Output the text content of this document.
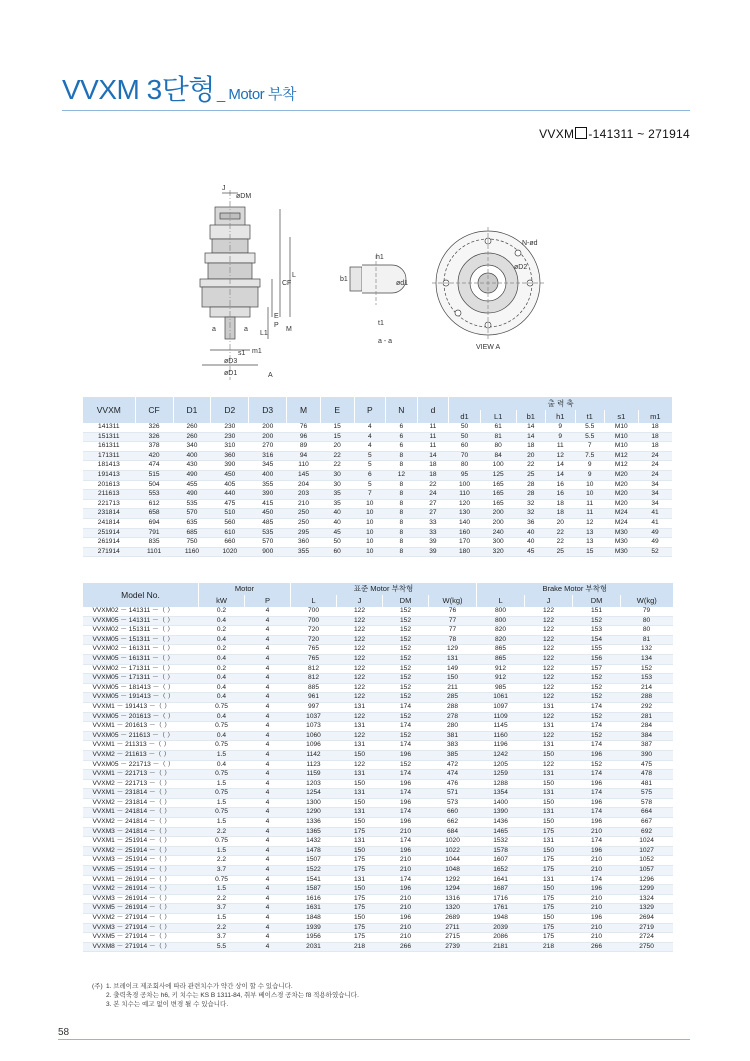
VVXM 3단형 _ Motor 부착
VVXM -141311 ~ 271914
J
øDM
CF
L
P
M
L1
E
a	a
s1 m1
øD3
øD1	A
h1
b1
ød1
t1
a - a
N-ød
øD2
VIEW A
VVXM	CF	D1	D2	D3	M	E	P	N	d	출 력 축						
										d1	L1	b1	h1	t1	s1	m1
141311	326	260	230	200	76	15	4	6	11	50	61	14	9	5.5	M10	18
151311	326	260	230	200	96	15	4	6	11	50	81	14	9	5.5	M10	18
161311	378	340	310	270	89	20	4	6	11	60	80	18	11	7	M10	18
171311	420	400	360	316	94	22	5	8	14	70	84	20	12	7.5	M12	24
181413	474	430	390	345	110	22	5	8	18	80	100	22	14	9	M12	24
191413	515	490	450	400	145	30	6	12	18	95	125	25	14	9	M20	24
201613	504	455	405	355	204	30	5	8	22	100	165	28	16	10	M20	34
211613	553	490	440	390	203	35	7	8	24	110	165	28	16	10	M20	34
221713	612	535	475	415	210	35	10	8	27	120	165	32	18	11	M20	34
231814	658	570	510	450	250	40	10	8	27	130	200	32	18	11	M24	41
241814	694	635	560	485	250	40	10	8	33	140	200	36	20	12	M24	41
251914	791	685	610	535	295	45	10	8	33	160	240	40	22	13	M30	49
261914	835	750	660	570	360	50	10	8	39	170	300	40	22	13	M30	49
271914	1101	1160	1020	900	355	60	10	8	39	180	320	45	25	15	M30	52
Model No.	Motor		표준 Motor 부착형				Brake Motor 부착형			
	kW	P	L	J	DM	W(kg)	L	J	DM	W(kg)
VVXM02 － 141311 －（ ）	0.2	4	700	122	152	76	800	122	151	79
VVXM05 － 141311 －（ ）	0.4	4	700	122	152	77	800	122	152	80
VVXM02 － 151311 －（ ）	0.2	4	720	122	152	77	820	122	153	80
VVXM05 － 151311 －（ ）	0.4	4	720	122	152	78	820	122	154	81
VVXM02 － 161311 －（ ）	0.2	4	765	122	152	129	865	122	155	132
VVXM05 － 161311 －（ ）	0.4	4	765	122	152	131	865	122	156	134
VVXM02 － 171311 －（ ）	0.2	4	812	122	152	149	912	122	157	152
VVXM05 － 171311 －（ ）	0.4	4	812	122	152	150	912	122	152	153
VVXM05 － 181413 －（ ）	0.4	4	885	122	152	211	985	122	152	214
VVXM05 － 191413 －（ ）	0.4	4	961	122	152	285	1061	122	152	288
VVXM1 － 191413 －（ ）	0.75	4	997	131	174	288	1097	131	174	292
VVXM05 － 201613 －（ ）	0.4	4	1037	122	152	278	1109	122	152	281
VVXM1 － 201613 －（ ）	0.75	4	1073	131	174	280	1145	131	174	284
VVXM05 － 211613 －（ ）	0.4	4	1060	122	152	381	1160	122	152	384
VVXM1 － 211313 －（ ）	0.75	4	1096	131	174	383	1196	131	174	387
VVXM2 － 211613 －（ ）	1.5	4	1142	150	196	385	1242	150	196	390
VVXM05 － 221713 －（ ）	0.4	4	1123	122	152	472	1205	122	152	475
VVXM1 － 221713 －（ ）	0.75	4	1159	131	174	474	1259	131	174	478
VVXM2 － 221713 －（ ）	1.5	4	1203	150	196	476	1288	150	196	481
VVXM1 － 231814 －（ ）	0.75	4	1254	131	174	571	1354	131	174	575
VVXM2 － 231814 －（ ）	1.5	4	1300	150	196	573	1400	150	196	578
VVXM1 － 241814 －（ ）	0.75	4	1290	131	174	660	1390	131	174	664
VVXM2 － 241814 －（ ）	1.5	4	1336	150	196	662	1436	150	196	667
VVXM3 － 241814 －（ ）	2.2	4	1365	175	210	684	1465	175	210	692
VVXM1 － 251914 －（ ）	0.75	4	1432	131	174	1020	1532	131	174	1024
VVXM2 － 251914 －（ ）	1.5	4	1478	150	196	1022	1578	150	196	1027
VVXM3 － 251914 －（ ）	2.2	4	1507	175	210	1044	1607	175	210	1052
VVXM5 － 251914 －（ ）	3.7	4	1522	175	210	1048	1652	175	210	1057
VVXM1 － 261914 －（ ）	0.75	4	1541	131	174	1292	1641	131	174	1296
VVXM2 － 261914 －（ ）	1.5	4	1587	150	196	1294	1687	150	196	1299
VVXM3 － 261914 －（ ）	2.2	4	1616	175	210	1316	1716	175	210	1324
VVXM5 － 261914 －（ ）	3.7	4	1631	175	210	1320	1761	175	210	1329
VVXM2 － 271914 －（ ）	1.5	4	1848	150	196	2689	1948	150	196	2694
VVXM3 － 271914 －（ ）	2.2	4	1939	175	210	2711	2039	175	210	2719
VVXM5 － 271914 －（ ）	3.7	4	1956	175	210	2715	2086	175	210	2724
VVXM8 － 271914 －（ ）	5.5	4	2031	218	266	2739	2181	218	266	2750
(주) 1. 브레이크 제조회사에 따라 관련치수가 약간 상이 할 수 있습니다.
2. 출력축경 공차는 h6, 키 치수는 KS B 1311-84, 취부 베이스경 공차는 f8 적용하였습니다.
3. 본 치수는 예고 없이 변경 될 수 있습니다.
58
